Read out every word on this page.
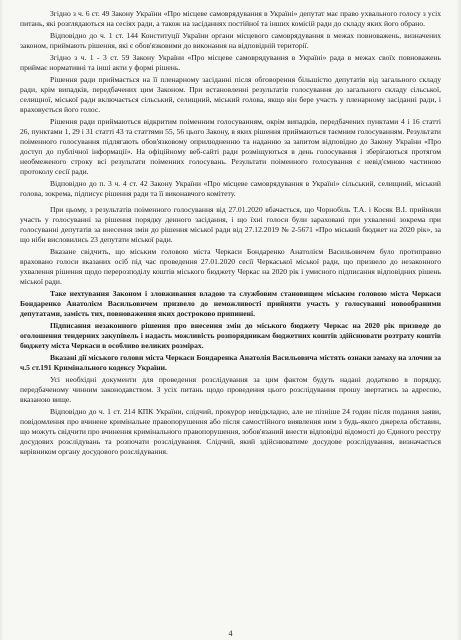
Згідно з ч. 6 ст. 49 Закону України «Про місцеве самоврядування в Україні» депутат має право ухвального голосу з усіх питань, які розглядаються на сесіях ради, а також на засіданнях постійної та інших комісій ради до складу яких його обрано.

Відповідно до ч. 1 ст. 144 Конституції України органи місцевого самоврядування в межах повноважень, визначених законом, приймають рішення, які є обов'язковими до виконання на відповідній території.

Згідно з ч. 1 - 3 ст. 59 Закону України «Про місцеве самоврядування в Україні» рада в межах своїх повноважень приймає нормативні та інші акти у формі рішень.

Рішення ради приймається на її пленарному засіданні після обговорення більшістю депутатів від загального складу ради, крім випадків, передбачених цим Законом. При встановленні результатів голосування до загального складу сільської, селищної, міської ради включається сільський, селищний, міський голова, якщо він бере участь у пленарному засіданні ради, і враховується його голос.

Рішення ради приймаються відкритим поіменним голосуванням, окрім випадків, передбачених пунктами 4 і 16 статті 26, пунктами 1, 29 і 31 статті 43 та статтями 55, 56 цього Закону, в яких рішення приймаються таємним голосуванням. Результати поіменного голосування підлягають обов'язковому оприлюдненню та наданню за запитом відповідно до Закону України «Про доступ до публічної інформації». На офіційному веб-сайті ради розміщуються в день голосування і зберігаються протягом необмеженого строку всі результати поіменних голосувань. Результати поіменного голосування є невід'ємною частиною протоколу сесії ради.

Відповідно до п. 3 ч. 4 ст. 42 Закону України «Про місцеве самоврядування в Україні» сільський, селищний, міський голова, зокрема, підписує рішення ради та її виконавчого комітету.

При цьому, з результатів поіменного голосування від 27.01.2020 вбачається, що Чорнобіль Т.А. і Косяк В.І. прийняли участь у голосуванні за рішення порядку денного засідання, і що їхні голоси були зараховані при ухваленні зокрема при голосуванні депутатів за внесення змін до рішення міської ради від 27.12.2019 № 2-5671 «Про міський бюджет на 2020 рік», за що ніби висловились 23 депутати міської ради.

Вказане свідчить, що міським головою міста Черкаси Бондаренко Анатолієм Васильовичем було протиправно враховано голоси вказаних осіб під час проведення 27.01.2020 сесії Черкаської міської ради, що призвело до незаконного ухвалення рішення щодо перерозподілу коштів міського бюджету Черкас на 2020 рік і умисного підписання відповідних рішень міської ради.

Таке нехтування Законом і зловживання владою та службовим становищем міським головою міста Черкаси Бондаренко Анатолієм Васильовичем призвело до неможливості прийняти участь у голосуванні новообраними депутатами, замість тих, повноваження яких достроково припинені.

Підписання незаконного рішення про внесення змін до міського бюджету Черкас на 2020 рік призведе до оголошення тендерних закупівель і надасть можливість розпорядникам бюджетних коштів здійснювати розтрату коштів бюджету міста Черкаси в особливо великих розмірах.

Вказані дії міського голови міста Черкаси Бондаренка Анатолія Васильовича містять ознаки замаху на злочин за ч.5 ст.191 Кримінального кодексу України.

Усі необхідні документи для проведення розслідування за цим фактом будуть надані додатково в порядку, передбаченому чинним законодавством. З усіх питань щодо проведення цього розслідування прошу звертатись за адресою, вказаною вище.

Відповідно до ч. 1 ст. 214 КПК України, слідчий, прокурор невідкладно, але не пізніше 24 годин після подання заяви, повідомлення про вчинене кримінальне правопорушення або після самостійного виявлення ним з будь-якого джерела обставин, що можуть свідчити про вчинення кримінального правопорушення, зобов'язаний внести відповідні відомості до Єдиного реєстру досудових розслідувань та розпочати розслідування. Слідчий, який здійснюватиме досудове розслідування, визначається керівником органу досудового розслідування.

4
